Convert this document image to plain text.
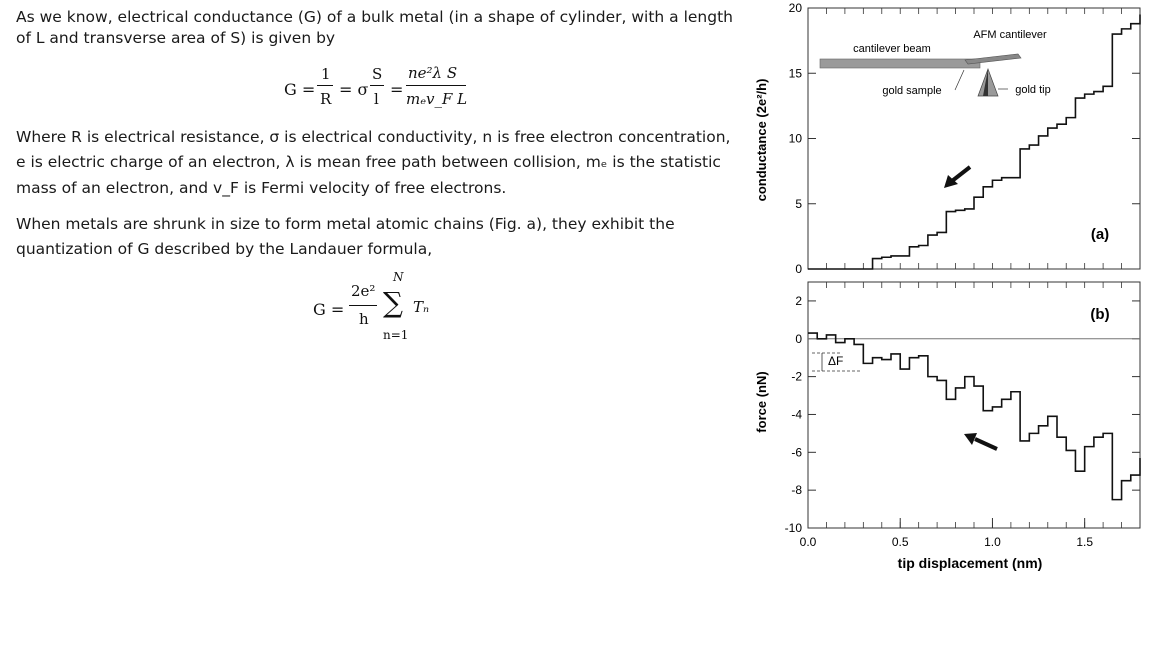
As we know, electrical conductance (G) of a bulk metal (in a shape of cylinder, with a length
of L and transverse area of S) is given by
G =
1
R = σ
S
l =
ne²λ S
mₑv_F L
Where R is electrical resistance, σ is electrical conductivity, n is free electron concentration,
e is electric charge of an electron, λ is mean free path between collision, mₑ is the statistic
mass of an electron, and v_F is Fermi velocity of free electrons.
When metals are shrunk in size to form metal atomic chains (Fig. a), they exhibit the
quantization of G described by the Landauer formula,
G =
2e²
h
N
∑
n=1
Tₙ
0
5
10
15
20
-10
-8
-6
-4
-2
0
2
0.0	0.5	1.0	1.5
conductance (2e²/h)
force (nN)
tip displacement (nm)
(a)
(b)
cantilever beam
AFM cantilever
gold sample	gold tip
ΔF
